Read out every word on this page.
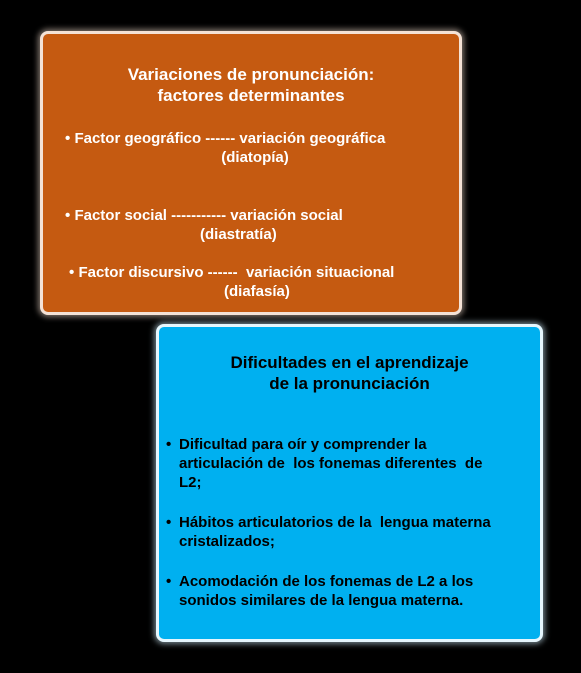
Variaciones de pronunciación:
factores determinantes
• Factor geográfico ------ variación geográfica
(diatopía)
• Factor social ----------- variación social
(diastratía)
• Factor discursivo ------  variación situacional
(diafasía)
Dificultades en el aprendizaje
de la pronunciación
• Dificultad para oír y comprender la
articulación de  los fonemas diferentes  de
L2;
• Hábitos articulatorios de la  lengua materna
cristalizados;
• Acomodación de los fonemas de L2 a los
sonidos similares de la lengua materna.
